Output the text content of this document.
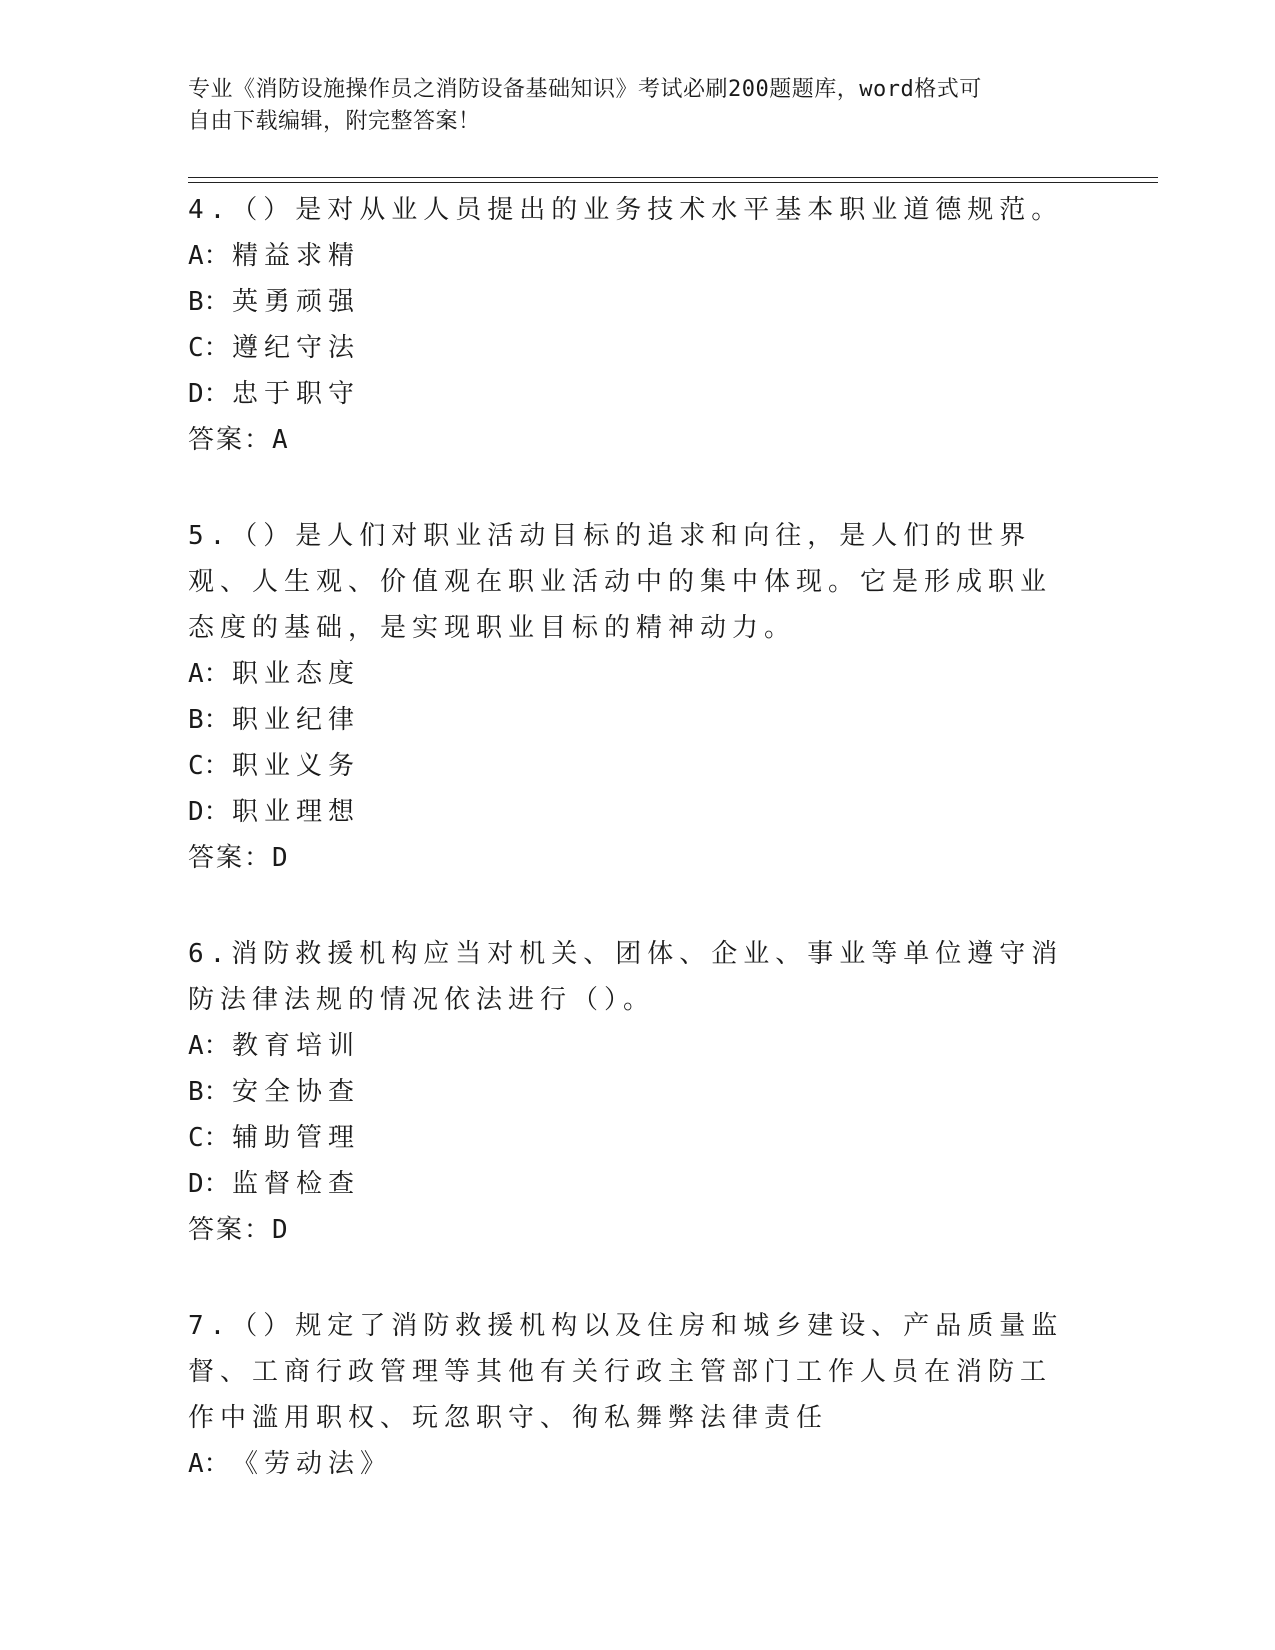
专业《消防设施操作员之消防设备基础知识》考试必刷200题题库，word格式可
自由下载编辑，附完整答案！

4.（）是对从业人员提出的业务技术水平基本职业道德规范。

A：精益求精

B：英勇顽强

C：遵纪守法

D：忠于职守

答案：A

5.（）是人们对职业活动目标的追求和向往，是人们的世界观、人生观、价值观在职业活动中的集中体现。它是形成职业态度的基础，是实现职业目标的精神动力。

A：职业态度

B：职业纪律

C：职业义务

D：职业理想

答案：D

6.消防救援机构应当对机关、团体、企业、事业等单位遵守消防法律法规的情况依法进行（）。

A：教育培训

B：安全协查

C：辅助管理

D：监督检查

答案：D

7.（）规定了消防救援机构以及住房和城乡建设、产品质量监督、工商行政管理等其他有关行政主管部门工作人员在消防工作中滥用职权、玩忽职守、徇私舞弊法律责任

A：《劳动法》
